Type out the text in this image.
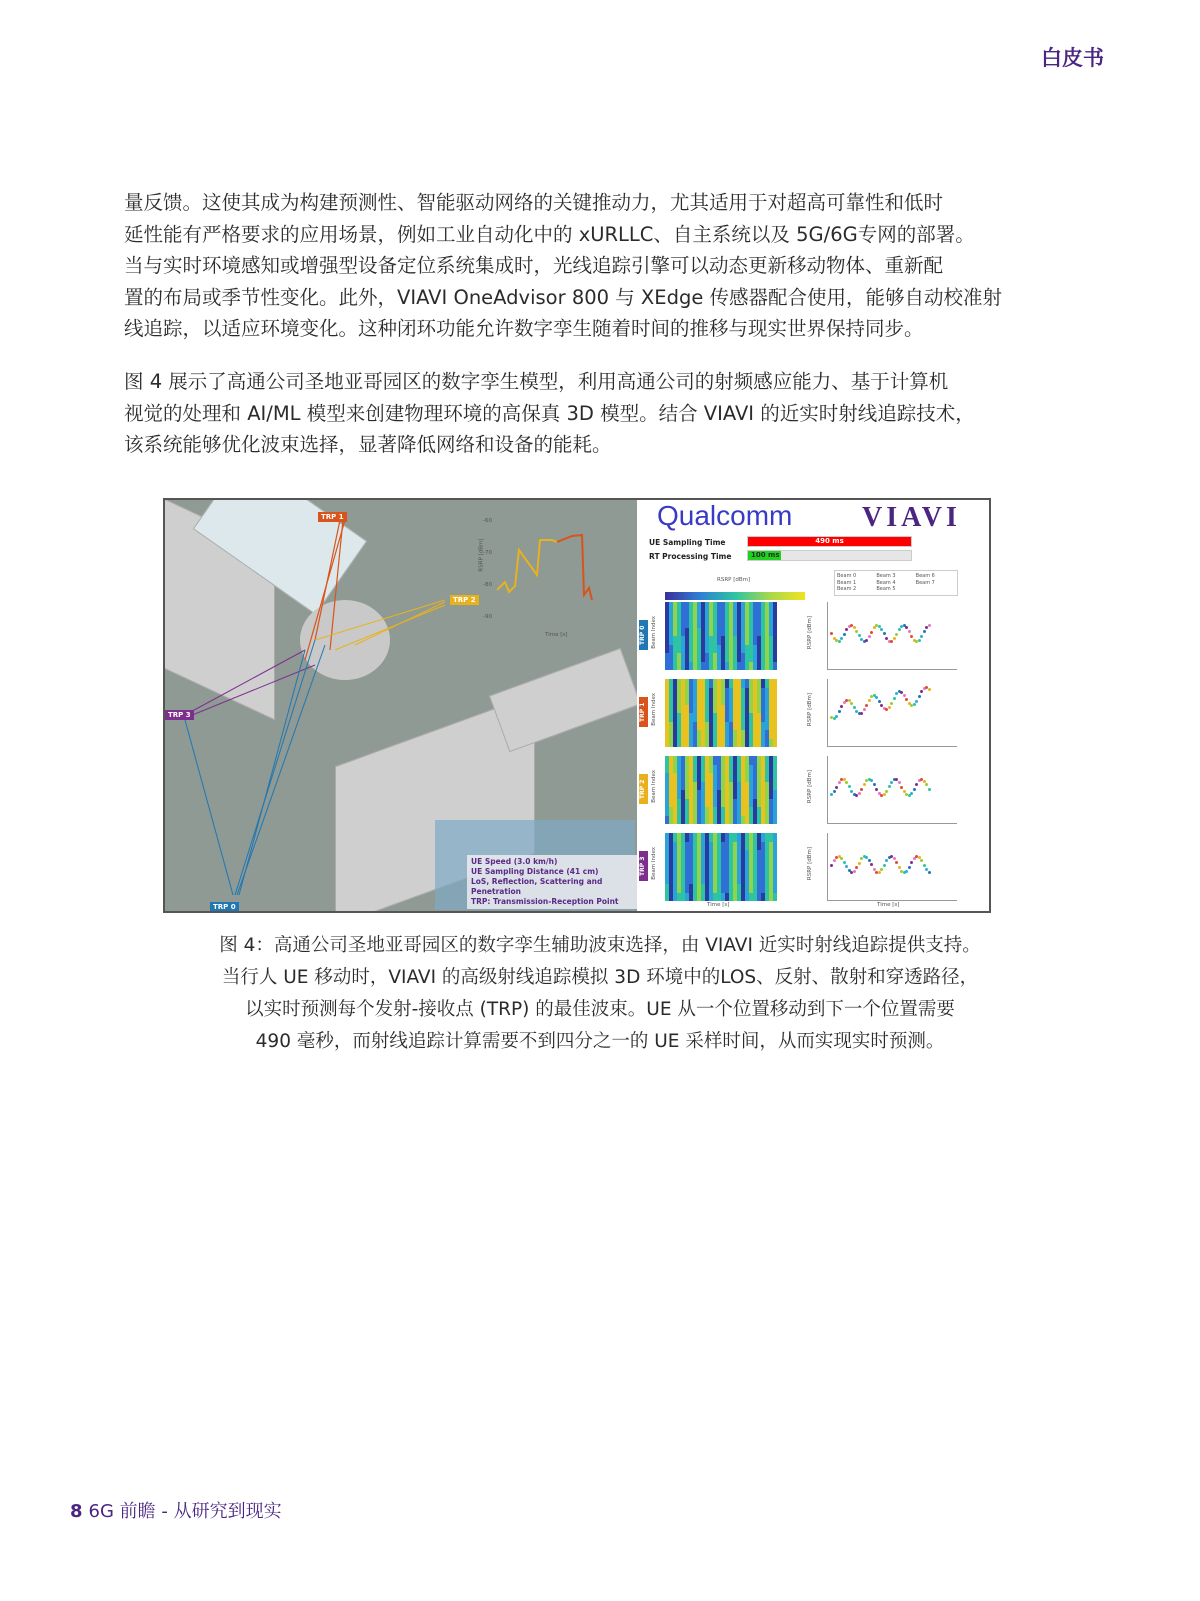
白皮书
量反馈。这使其成为构建预测性、智能驱动网络的关键推动力，尤其适用于对超高可靠性和低时
延性能有严格要求的应用场景，例如工业自动化中的 xURLLC、自主系统以及 5G/6G专网的部署。
当与实时环境感知或增强型设备定位系统集成时，光线追踪引擎可以动态更新移动物体、重新配
置的布局或季节性变化。此外，VIAVI OneAdvisor 800 与 XEdge 传感器配合使用，能够自动校准射
线追踪，以适应环境变化。这种闭环功能允许数字孪生随着时间的推移与现实世界保持同步。
图 4 展示了高通公司圣地亚哥园区的数字孪生模型，利用高通公司的射频感应能力、基于计算机
视觉的处理和 AI/ML 模型来创建物理环境的高保真 3D 模型。结合 VIAVI 的近实时射线追踪技术，
该系统能够优化波束选择，显著降低网络和设备的能耗。
TRP 1
TRP 2
TRP 3
TRP 0
RSRP [dBm]
-60
-70
-80
-90
Time [s]
UE Speed (3.0 km/h)
UE Sampling Distance (41 cm)
LoS, Reflection, Scattering and Penetration
TRP: Transmission-Reception Point
Qualcomm VIAVI
UE Sampling Time	490 ms
RT Processing Time	100 ms
RSRP [dBm]
Beam 0	Beam 3	Beam 6
Beam 1	Beam 4	Beam 7
Beam 2	Beam 5
TRP 0 Beam Index	RSRP [dBm]
TRP 1 Beam Index	RSRP [dBm]
TRP 2 Beam Index	RSRP [dBm]
TRP 3 Beam Index	RSRP [dBm]
Time [s]	Time [s]
图 4：高通公司圣地亚哥园区的数字孪生辅助波束选择，由 VIAVI 近实时射线追踪提供支持。
当行人 UE 移动时，VIAVI 的高级射线追踪模拟 3D 环境中的LOS、反射、散射和穿透路径，
以实时预测每个发射-接收点 (TRP) 的最佳波束。UE 从一个位置移动到下一个位置需要
490 毫秒，而射线追踪计算需要不到四分之一的 UE 采样时间，从而实现实时预测。
8 6G 前瞻 - 从研究到现实
